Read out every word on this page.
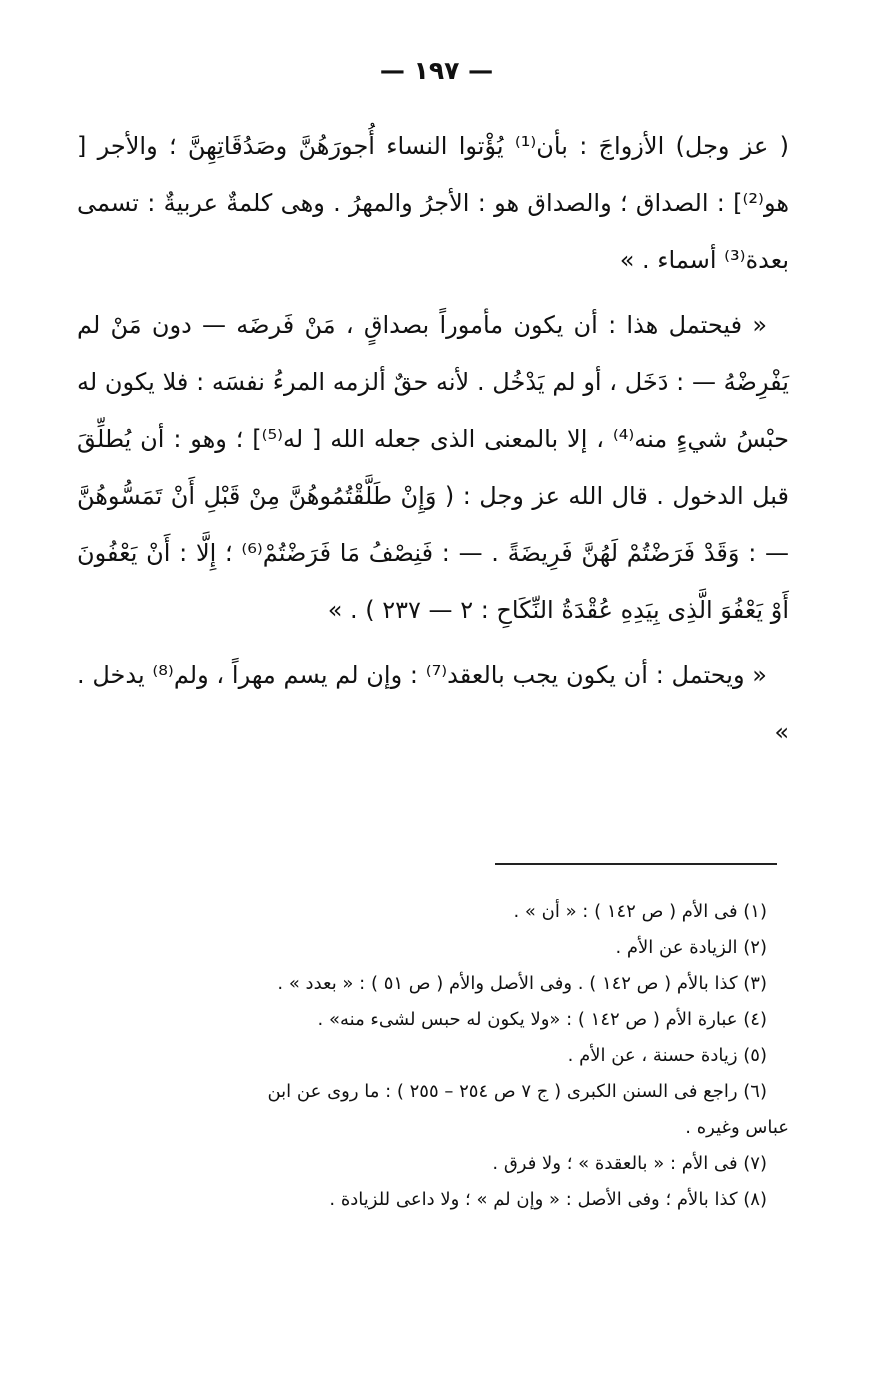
— ١٩٧ —

( عز وجل) الأزواجَ : بأن⁽¹⁾ يُؤْتوا النساء أُجورَهُنَّ وصَدُقَاتِهِنَّ ؛ والأجر [ هو⁽²⁾] : الصداق ؛ والصداق هو : الأجرُ والمهرُ . وهى كلمةٌ عربيةٌ : تسمى بعدة⁽³⁾ أسماء . »

« فيحتمل هذا : أن يكون مأموراً بصداقٍ ، مَنْ فَرضَه — دون مَنْ لم يَفْرِضْهُ — : دَخَل ، أو لم يَدْخُل . لأنه حقٌ ألزمه المرءُ نفسَه : فلا يكون له حبْسُ شيءٍ منه⁽⁴⁾ ، إلا بالمعنى الذى جعله الله [ له⁽⁵⁾] ؛ وهو : أن يُطلِّقَ قبل الدخول . قال الله عز وجل : ( وَإِنْ طَلَّقْتُمُوهُنَّ مِنْ قَبْلِ أَنْ تَمَسُّوهُنَّ — : وَقَدْ فَرَضْتُمْ لَهُنَّ فَرِيضَةً . — : فَنِصْفُ مَا فَرَضْتُمْ⁽⁶⁾ ؛ إِلَّا : أَنْ يَعْفُونَ أَوْ يَعْفُوَ الَّذِى بِيَدِهِ عُقْدَةُ النِّكَاحِ : ٢ — ٢٣٧ ) . »

« ويحتمل : أن يكون يجب بالعقد⁽⁷⁾ : وإن لم يسم مهراً ، ولم⁽⁸⁾ يدخل . »

(١) فى الأم ( ص ١٤٢ ) : « أن » .

(٢) الزيادة عن الأم .

(٣) كذا بالأم ( ص ١٤٢ ) . وفى الأصل والأم ( ص ٥١ ) : « بعدد » .

(٤) عبارة الأم ( ص ١٤٢ ) : «ولا يكون له حبس لشىء منه» .

(٥) زيادة حسنة ، عن الأم .

(٦) راجع فى السنن الكبرى ( ج ٧ ص ٢٥٤ – ٢٥٥ ) : ما روى عن ابن

عباس وغيره .

(٧) فى الأم : « بالعقدة » ؛ ولا فرق .

(٨) كذا بالأم ؛ وفى الأصل : « وإن لم » ؛ ولا داعى للزيادة .
